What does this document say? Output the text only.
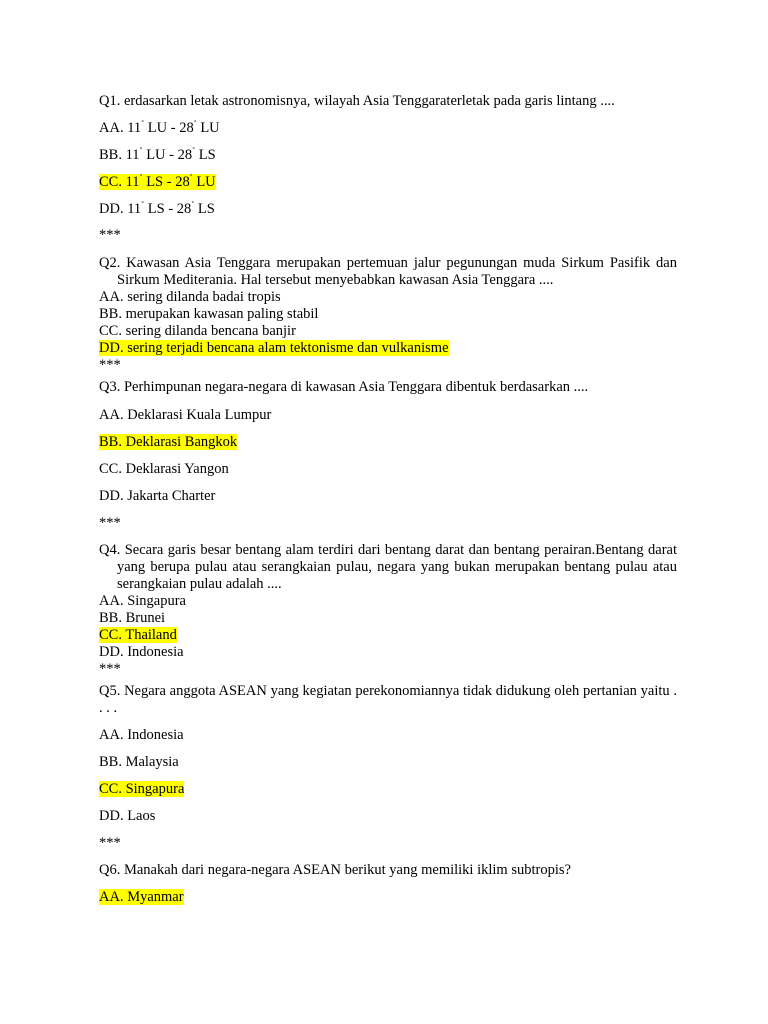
Q1. erdasarkan letak astronomisnya, wilayah Asia Tenggaraterletak pada garis lintang ....
AA. 11˚ LU - 28˚ LU
BB. 11˚ LU - 28˚ LS
CC. 11˚ LS - 28˚ LU
DD. 11˚ LS - 28˚ LS
***
Q2. Kawasan Asia Tenggara merupakan pertemuan jalur pegunungan muda Sirkum Pasifik dan Sirkum Mediterania. Hal tersebut menyebabkan kawasan Asia Tenggara ....
AA. sering dilanda badai tropis
BB. merupakan kawasan paling stabil
CC. sering dilanda bencana banjir
DD. sering terjadi bencana alam tektonisme dan vulkanisme
***
Q3. Perhimpunan negara-negara di kawasan Asia Tenggara dibentuk berdasarkan ....
AA. Deklarasi Kuala Lumpur
BB. Deklarasi Bangkok
CC. Deklarasi Yangon
DD. Jakarta Charter
***
Q4. Secara garis besar bentang alam terdiri dari bentang darat dan bentang perairan.Bentang darat yang berupa pulau atau serangkaian pulau, negara yang bukan merupakan bentang pulau atau serangkaian pulau adalah ....
AA. Singapura
BB. Brunei
CC. Thailand
DD. Indonesia
***
Q5. Negara anggota ASEAN yang kegiatan perekonomiannya tidak didukung oleh pertanian yaitu . . . .
AA. Indonesia
BB. Malaysia
CC. Singapura
DD. Laos
***
Q6. Manakah dari negara-negara ASEAN berikut yang memiliki iklim subtropis?
AA. Myanmar
